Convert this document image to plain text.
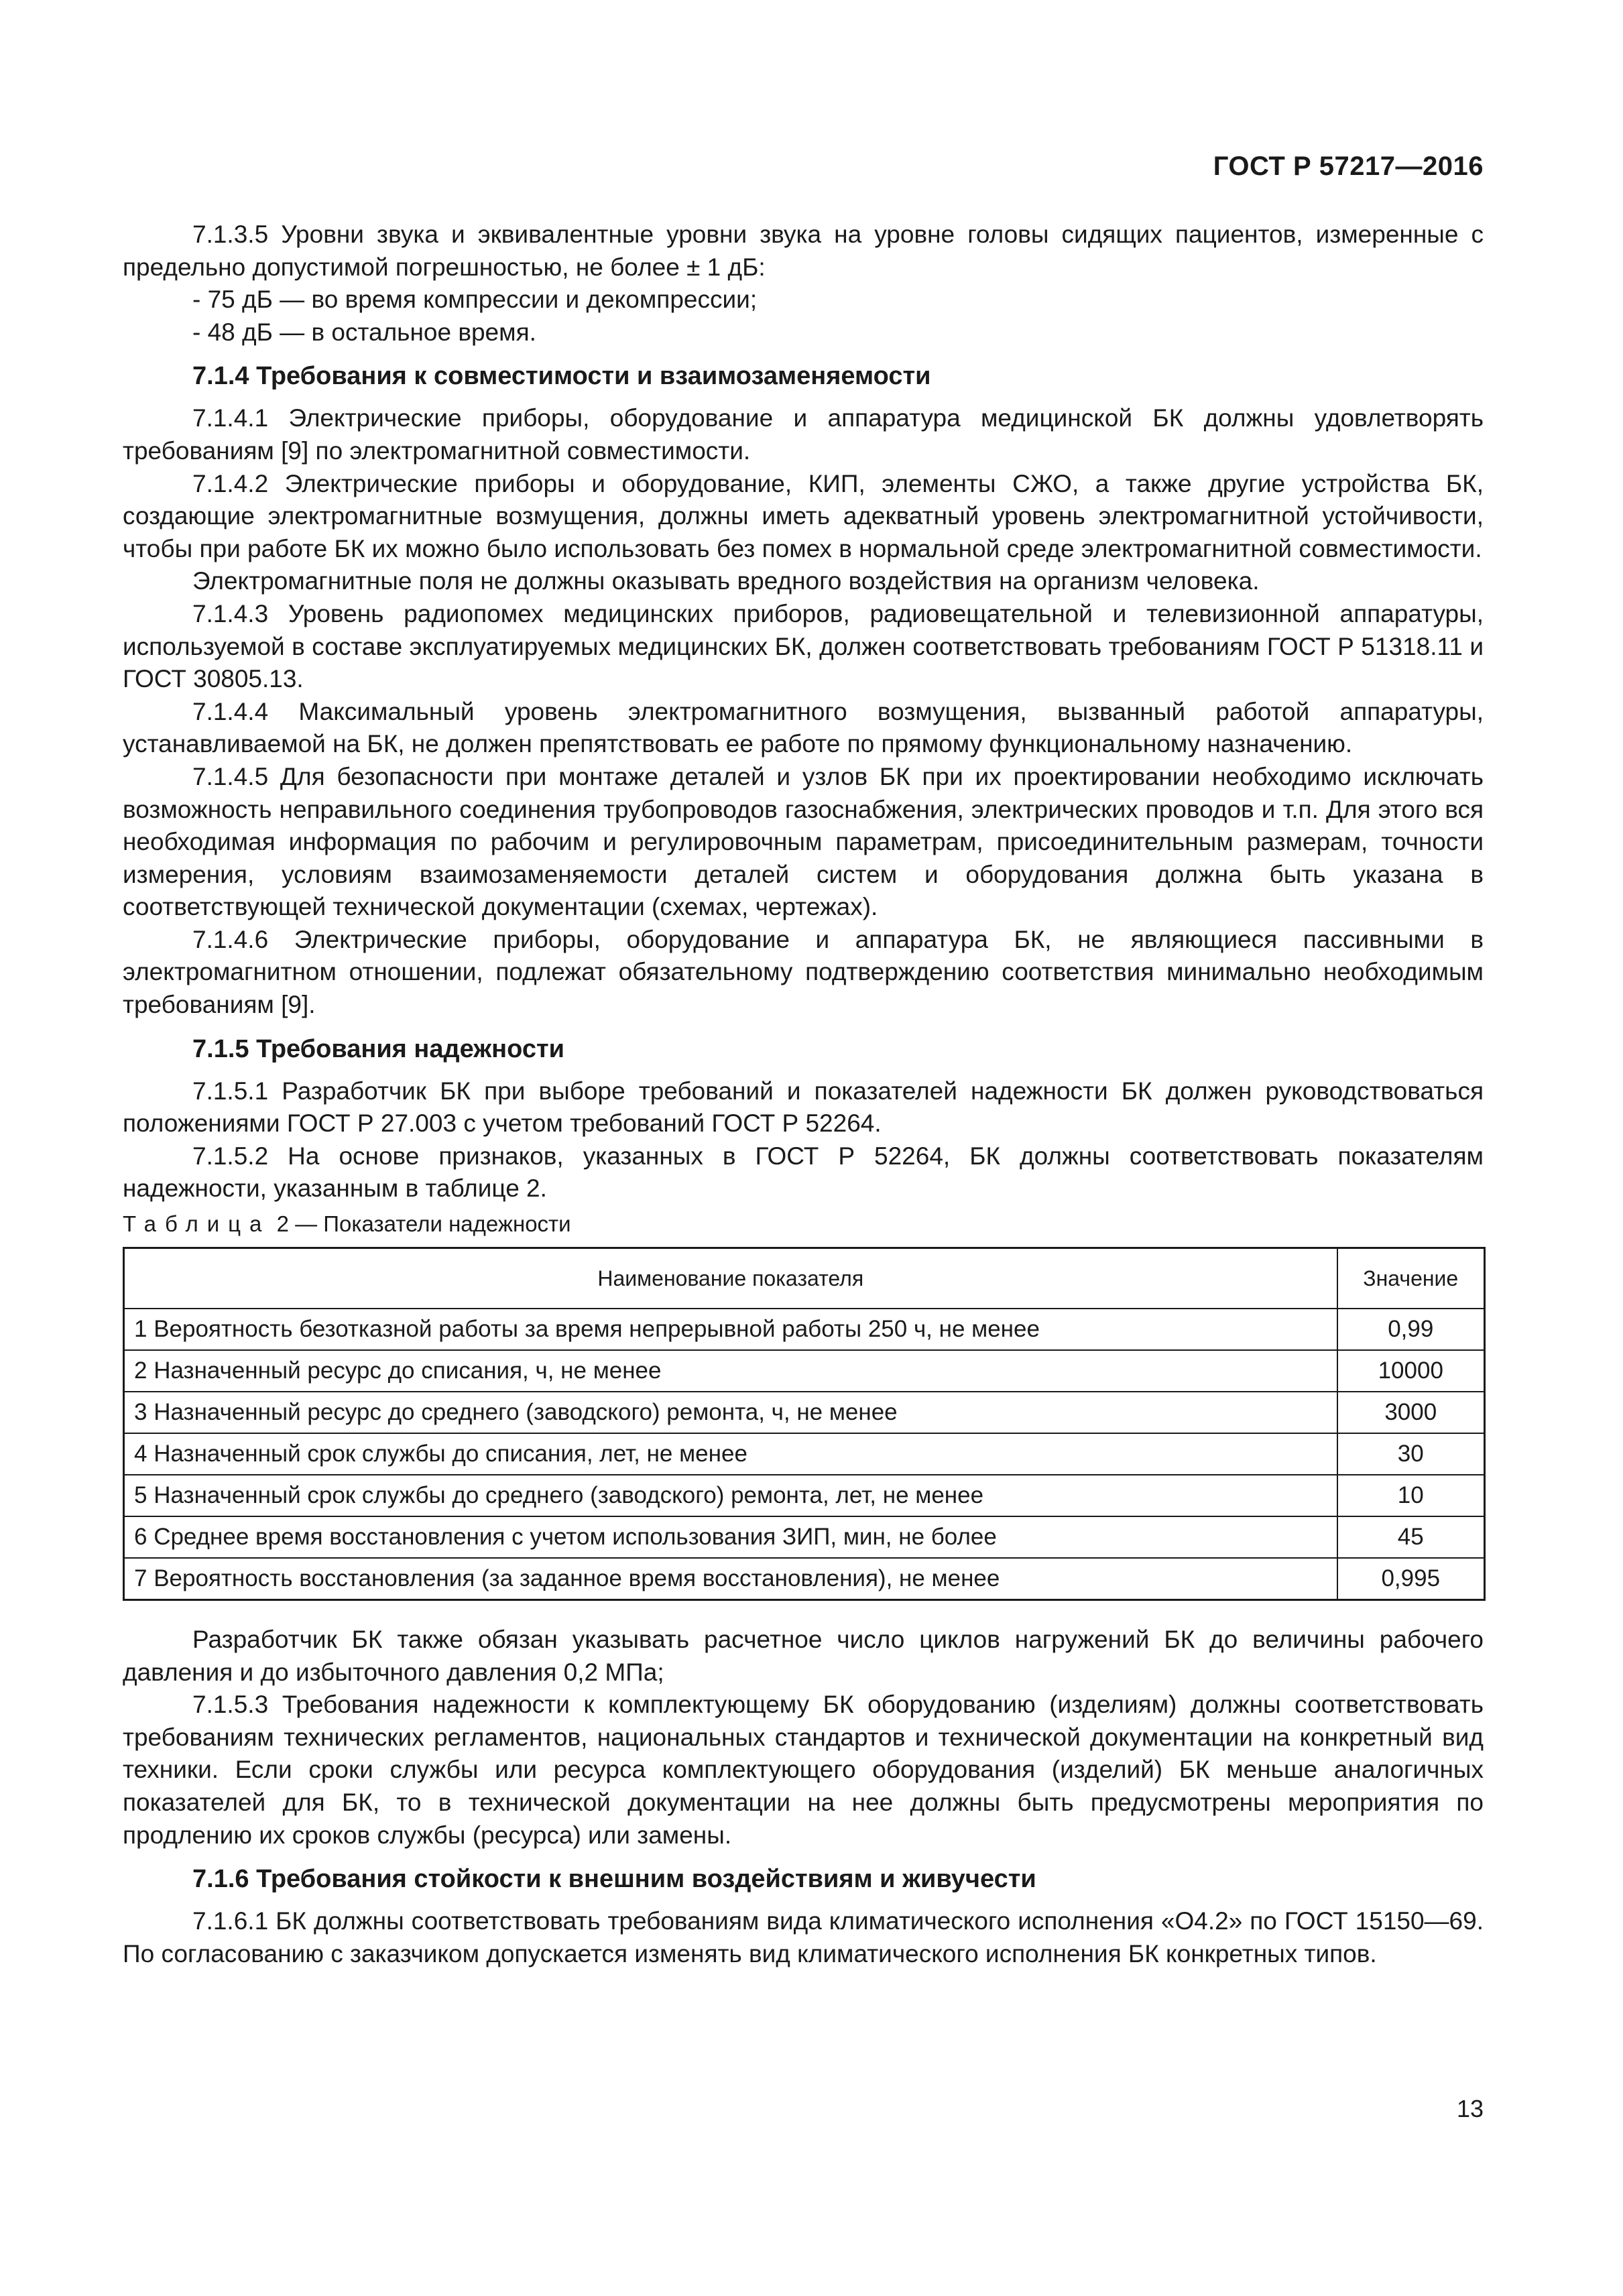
ГОСТ Р 57217—2016

7.1.3.5 Уровни звука и эквивалентные уровни звука на уровне головы сидящих пациентов, измеренные с предельно допустимой погрешностью, не более ± 1 дБ:

- 75 дБ — во время компрессии и декомпрессии;

- 48 дБ — в остальное время.

7.1.4 Требования к совместимости и взаимозаменяемости

7.1.4.1 Электрические приборы, оборудование и аппаратура медицинской БК должны удовлетворять требованиям [9] по электромагнитной совместимости.

7.1.4.2 Электрические приборы и оборудование, КИП, элементы СЖО, а также другие устройства БК, создающие электромагнитные возмущения, должны иметь адекватный уровень электромагнитной устойчивости, чтобы при работе БК их можно было использовать без помех в нормальной среде электромагнитной совместимости.

Электромагнитные поля не должны оказывать вредного воздействия на организм человека.

7.1.4.3 Уровень радиопомех медицинских приборов, радиовещательной и телевизионной аппаратуры, используемой в составе эксплуатируемых медицинских БК, должен соответствовать требованиям ГОСТ Р 51318.11 и ГОСТ 30805.13.

7.1.4.4 Максимальный уровень электромагнитного возмущения, вызванный работой аппаратуры, устанавливаемой на БК, не должен препятствовать ее работе по прямому функциональному назначению.

7.1.4.5 Для безопасности при монтаже деталей и узлов БК при их проектировании необходимо исключать возможность неправильного соединения трубопроводов газоснабжения, электрических проводов и т.п. Для этого вся необходимая информация по рабочим и регулировочным параметрам, присоединительным размерам, точности измерения, условиям взаимозаменяемости деталей систем и оборудования должна быть указана в соответствующей технической документации (схемах, чертежах).

7.1.4.6 Электрические приборы, оборудование и аппаратура БК, не являющиеся пассивными в электромагнитном отношении, подлежат обязательному подтверждению соответствия минимально необходимым требованиям [9].

7.1.5 Требования надежности

7.1.5.1 Разработчик БК при выборе требований и показателей надежности БК должен руководствоваться положениями ГОСТ Р 27.003 с учетом требований ГОСТ Р 52264.

7.1.5.2 На основе признаков, указанных в ГОСТ Р 52264, БК должны соответствовать показателям надежности, указанным в таблице 2.

Таблица 2 — Показатели надежности
Наименование показателя	Значение
1 Вероятность безотказной работы за время непрерывной работы 250 ч, не менее	0,99
2 Назначенный ресурс до списания, ч, не менее	10000
3 Назначенный ресурс до среднего (заводского) ремонта, ч, не менее	3000
4 Назначенный срок службы до списания, лет, не менее	30
5 Назначенный срок службы до среднего (заводского) ремонта, лет, не менее	10
6 Среднее время восстановления с учетом использования ЗИП, мин, не более	45
7 Вероятность восстановления (за заданное время восстановления), не менее	0,995

Разработчик БК также обязан указывать расчетное число циклов нагружений БК до величины рабочего давления и до избыточного давления 0,2 МПа;

7.1.5.3 Требования надежности к комплектующему БК оборудованию (изделиям) должны соответствовать требованиям технических регламентов, национальных стандартов и технической документации на конкретный вид техники. Если сроки службы или ресурса комплектующего оборудования (изделий) БК меньше аналогичных показателей для БК, то в технической документации на нее должны быть предусмотрены мероприятия по продлению их сроков службы (ресурса) или замены.

7.1.6 Требования стойкости к внешним воздействиям и живучести

7.1.6.1 БК должны соответствовать требованиям вида климатического исполнения «О4.2» по ГОСТ 15150—69. По согласованию с заказчиком допускается изменять вид климатического исполнения БК конкретных типов.

13
